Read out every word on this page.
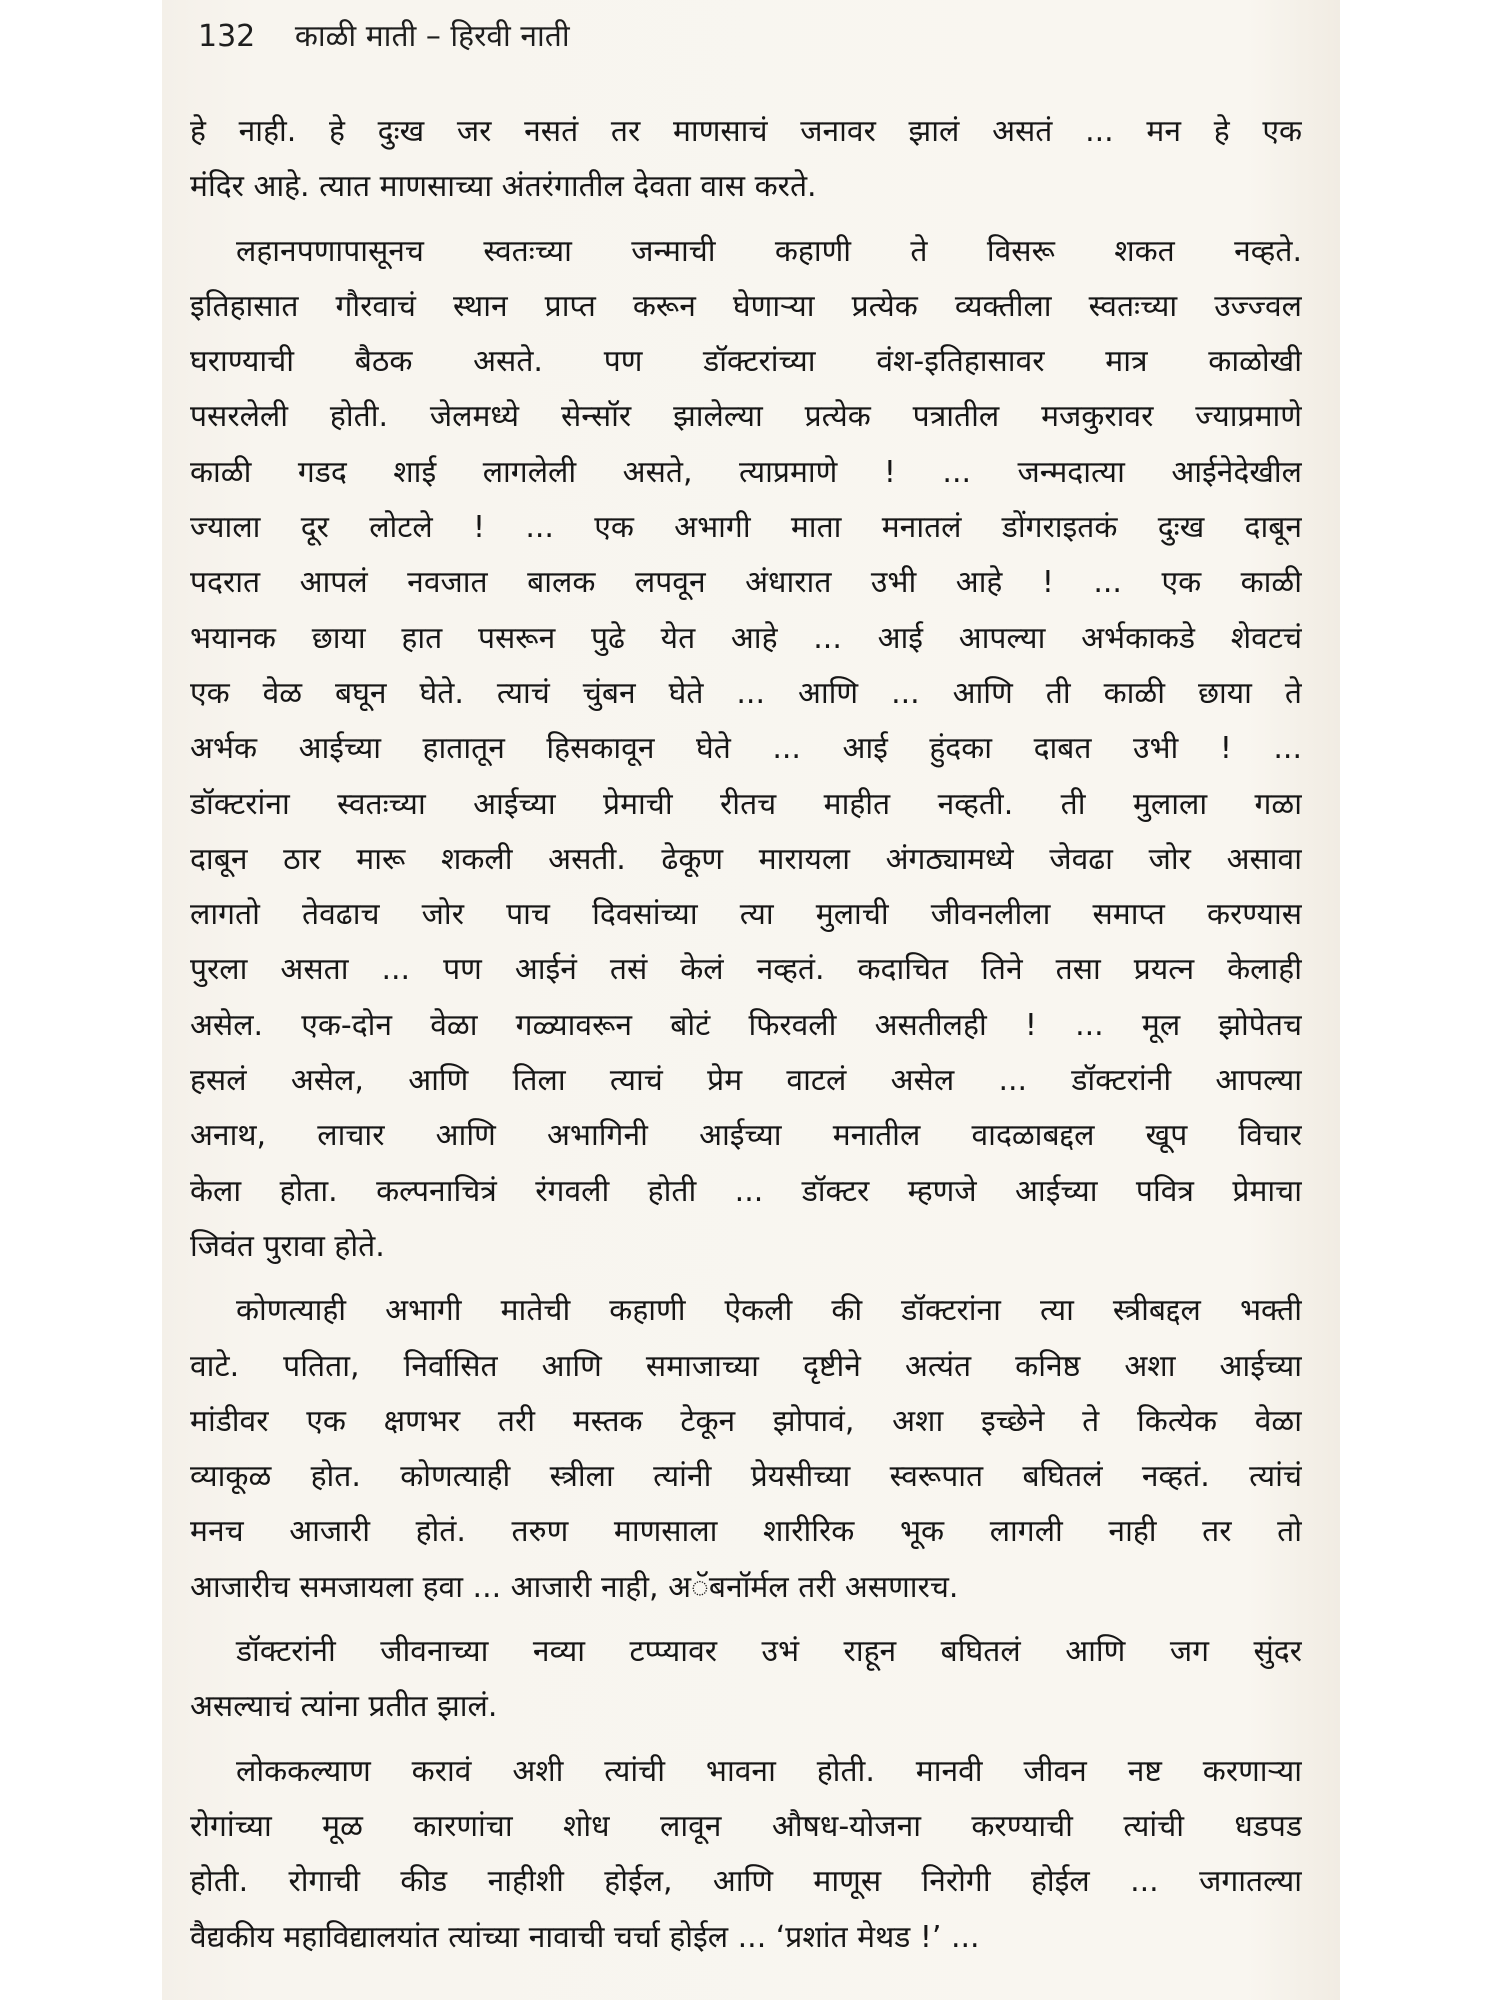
132 काळी माती – हिरवी नाती
हे नाही. हे दुःख जर नसतं तर माणसाचं जनावर झालं असतं ... मन हे एक
मंदिर आहे. त्यात माणसाच्या अंतरंगातील देवता वास करते.
लहानपणापासूनच स्वतःच्या जन्माची कहाणी ते विसरू शकत नव्हते.
इतिहासात गौरवाचं स्थान प्राप्त करून घेणाऱ्या प्रत्येक व्यक्तीला स्वतःच्या उज्ज्वल
घराण्याची बैठक असते. पण डॉक्टरांच्या वंश-इतिहासावर मात्र काळोखी
पसरलेली होती. जेलमध्ये सेन्सॉर झालेल्या प्रत्येक पत्रातील मजकुरावर ज्याप्रमाणे
काळी गडद शाई लागलेली असते, त्याप्रमाणे ! ... जन्मदात्या आईनेदेखील
ज्याला दूर लोटले ! ... एक अभागी माता मनातलं डोंगराइतकं दुःख दाबून
पदरात आपलं नवजात बालक लपवून अंधारात उभी आहे ! ... एक काळी
भयानक छाया हात पसरून पुढे येत आहे ... आई आपल्या अर्भकाकडे शेवटचं
एक वेळ बघून घेते. त्याचं चुंबन घेते ... आणि ... आणि ती काळी छाया ते
अर्भक आईच्या हातातून हिसकावून घेते ... आई हुंदका दाबत उभी ! ...
डॉक्टरांना स्वतःच्या आईच्या प्रेमाची रीतच माहीत नव्हती. ती मुलाला गळा
दाबून ठार मारू शकली असती. ढेकूण मारायला अंगठ्यामध्ये जेवढा जोर असावा
लागतो तेवढाच जोर पाच दिवसांच्या त्या मुलाची जीवनलीला समाप्त करण्यास
पुरला असता ... पण आईनं तसं केलं नव्हतं. कदाचित तिने तसा प्रयत्न केलाही
असेल. एक-दोन वेळा गळ्यावरून बोटं फिरवली असतीलही ! ... मूल झोपेतच
हसलं असेल, आणि तिला त्याचं प्रेम वाटलं असेल ... डॉक्टरांनी आपल्या
अनाथ, लाचार आणि अभागिनी आईच्या मनातील वादळाबद्दल खूप विचार
केला होता. कल्पनाचित्रं रंगवली होती ... डॉक्टर म्हणजे आईच्या पवित्र प्रेमाचा
जिवंत पुरावा होते.
कोणत्याही अभागी मातेची कहाणी ऐकली की डॉक्टरांना त्या स्त्रीबद्दल भक्ती
वाटे. पतिता, निर्वासित आणि समाजाच्या दृष्टीने अत्यंत कनिष्ठ अशा आईच्या
मांडीवर एक क्षणभर तरी मस्तक टेकून झोपावं, अशा इच्छेने ते कित्येक वेळा
व्याकूळ होत. कोणत्याही स्त्रीला त्यांनी प्रेयसीच्या स्वरूपात बघितलं नव्हतं. त्यांचं
मनच आजारी होतं. तरुण माणसाला शारीरिक भूक लागली नाही तर तो
आजारीच समजायला हवा ... आजारी नाही, अॅबनॉर्मल तरी असणारच.
डॉक्टरांनी जीवनाच्या नव्या टप्प्यावर उभं राहून बघितलं आणि जग सुंदर
असल्याचं त्यांना प्रतीत झालं.
लोककल्याण करावं अशी त्यांची भावना होती. मानवी जीवन नष्ट करणाऱ्या
रोगांच्या मूळ कारणांचा शोध लावून औषध-योजना करण्याची त्यांची धडपड
होती. रोगाची कीड नाहीशी होईल, आणि माणूस निरोगी होईल ... जगातल्या
वैद्यकीय महाविद्यालयांत त्यांच्या नावाची चर्चा होईल ... ‘प्रशांत मेथड !’ ...
